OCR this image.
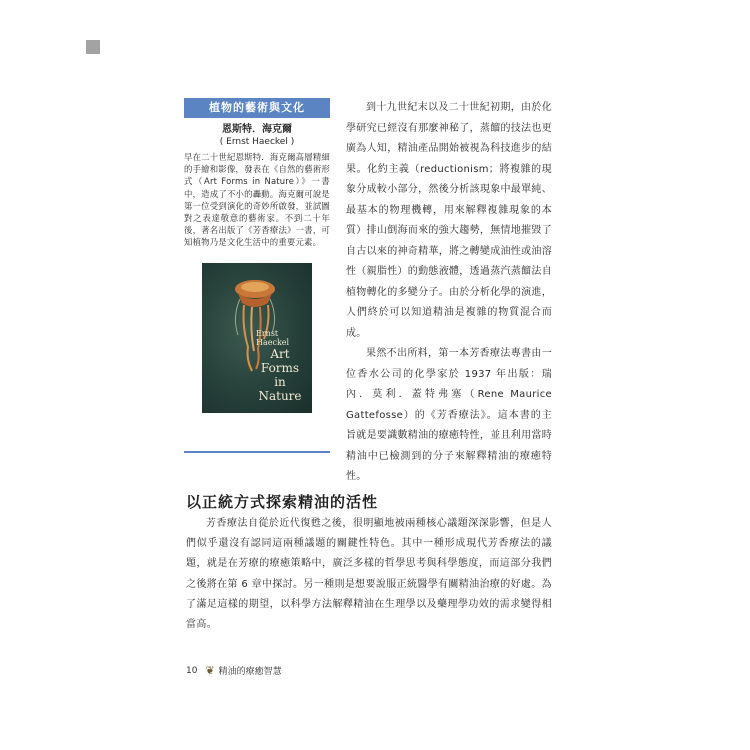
植物的藝術與文化
恩斯特．海克爾
( Ernst Haeckel )
早在二十世紀恩斯特．海克爾高層精細的手繪和影像，發表在《自然的藝術形式（Art Forms in Nature）》一書中，造成了不小的轟動。海克爾可說是第一位受到演化的奇妙所啟發，並試圖對之表達敬意的藝術家。不到二十年後，著名出版了《芳香療法》一書，可知植物乃是文化生活中的重要元素。
Ernst Haeckel
Art Forms
in
Nature

到十九世紀末以及二十世紀初期，由於化學研究已經沒有那麼神秘了，蒸餾的技法也更廣為人知，精油產品開始被視為科技進步的結果。化約主義（reductionism；將複雜的現象分成較小部分，然後分析該現象中最單純、最基本的物理機轉，用來解釋複雜現象的本質）排山倒海而來的強大趨勢，無情地摧毀了自古以來的神奇精華，將之轉變成油性或油溶性（親脂性）的動態液體，透過蒸汽蒸餾法自植物轉化的多變分子。由於分析化學的演進，人們終於可以知道精油是複雜的物質混合而成。

果然不出所料，第一本芳香療法專書由一位香水公司的化學家於 1937 年出版：瑞內．莫利．蓋特弗塞（Rene Maurice Gattefosse）的《芳香療法》。這本書的主旨就是要識數精油的療癒特性，並且利用當時精油中已檢測到的分子來解釋精油的療癒特性。

以正統方式探索精油的活性

芳香療法自從於近代復甦之後，很明顯地被兩種核心議題深深影響，但是人們似乎還沒有認同這兩種議題的關鍵性特色。其中一種形成現代芳香療法的議題，就是在芳療的療癒策略中，廣泛多樣的哲學思考與科學態度，而這部分我們之後將在第 6 章中探討。另一種則是想要說服正統醫學有關精油治療的好處。為了滿足這樣的期望，以科學方法解釋精油在生理學以及藥理學功效的需求變得相當高。

10 ❦ 精油的療癒智慧
